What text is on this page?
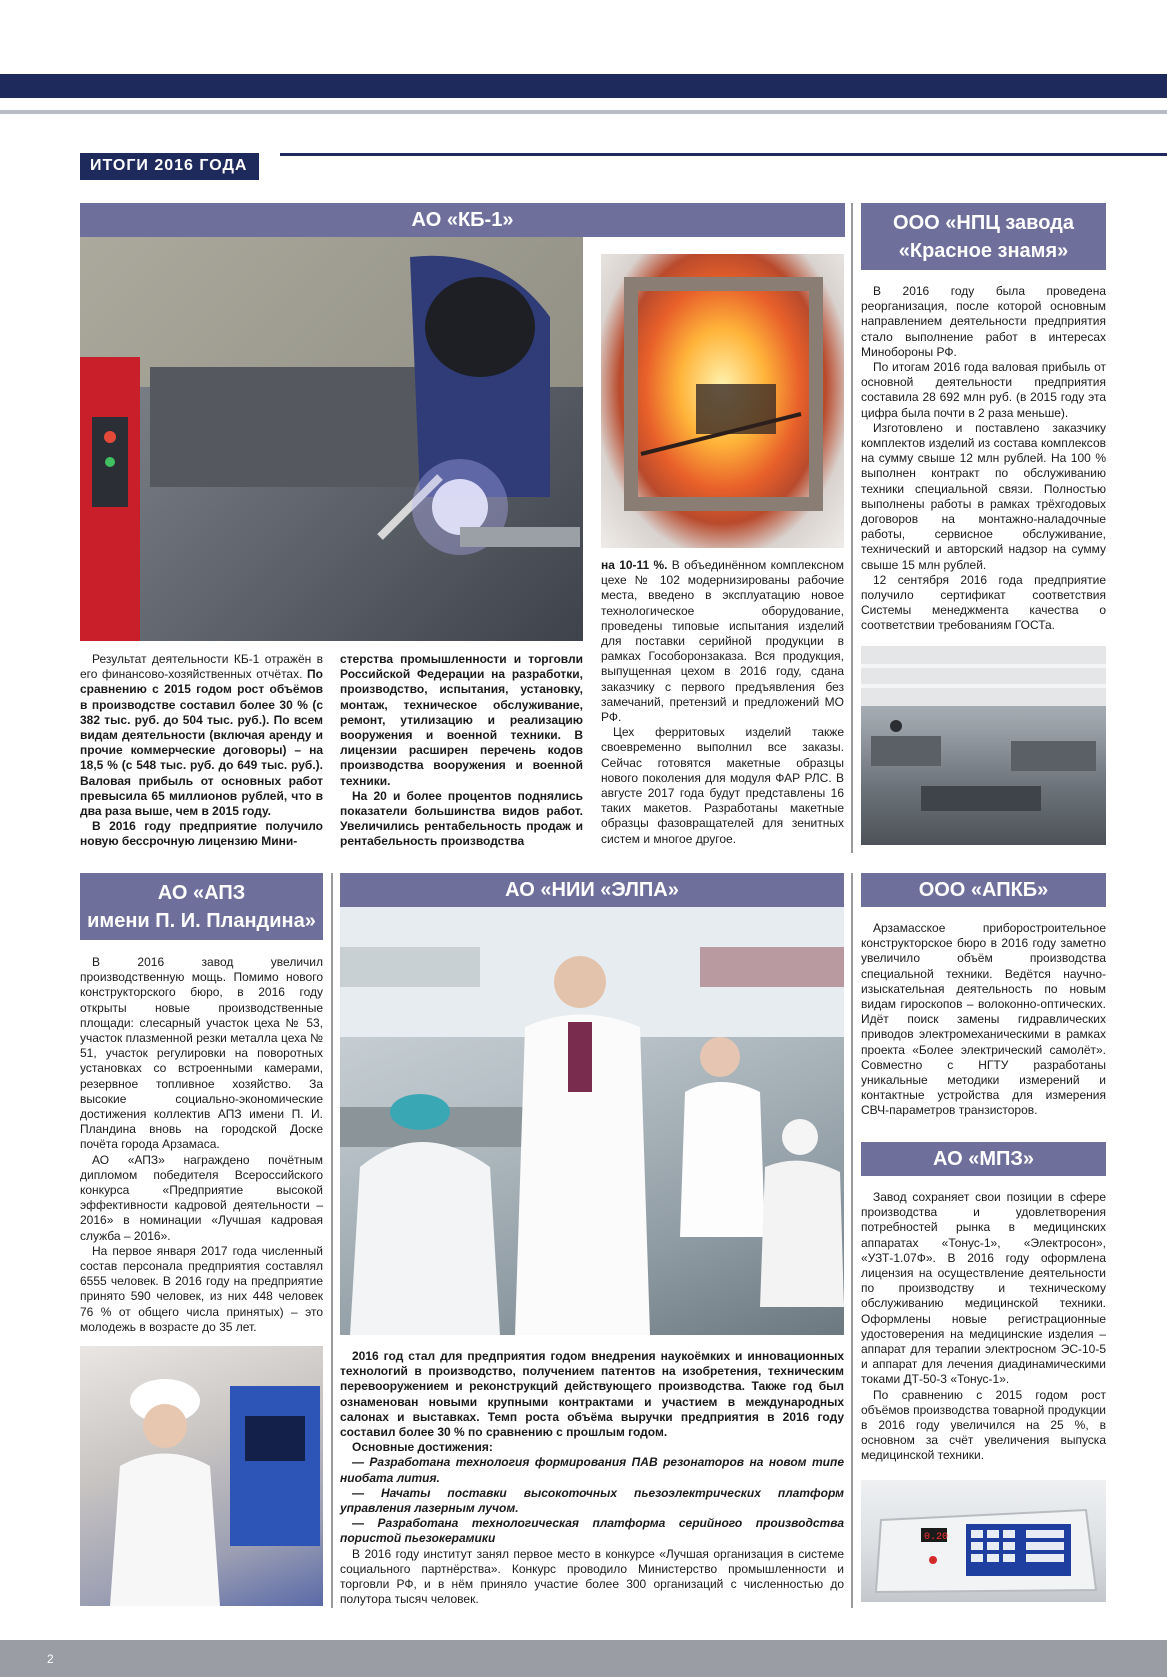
ИТОГИ 2016 ГОДА
АО «КБ-1»

Результат деятельности КБ-1 отражён в его финансово-хозяйственных отчётах. По сравнению с 2015 годом рост объёмов в производстве составил более 30 % (с 382 тыс. руб. до 504 тыс. руб.). По всем видам деятельности (включая аренду и прочие коммерческие договоры) – на 18,5 % (с 548 тыс. руб. до 649 тыс. руб.). Валовая прибыль от основных работ превысила 65 миллионов рублей, что в два раза выше, чем в 2015 году.

В 2016 году предприятие получило новую бессрочную лицензию Мини-

стерства промышленности и торговли Российской Федерации на разработки, производство, испытания, установку, монтаж, техническое обслуживание, ремонт, утилизацию и реализацию вооружения и военной техники. В лицензии расширен перечень кодов производства вооружения и военной техники.

На 20 и более процентов поднялись показатели большинства видов работ. Увеличились рентабельность продаж и рентабельность производства

на 10-11 %. В объединённом комплексном цехе № 102 модернизированы рабочие места, введено в эксплуатацию новое технологическое оборудование, проведены типовые испытания изделий для поставки серийной продукции в рамках Гособоронзаказа. Вся продукция, выпущенная цехом в 2016 году, сдана заказчику с первого предъявления без замечаний, претензий и предложений МО РФ.

Цех ферритовых изделий также своевременно выполнил все заказы. Сейчас готовятся макетные образцы нового поколения для модуля ФАР РЛС. В августе 2017 года будут представлены 16 таких макетов. Разработаны макетные образцы фазовращателей для зенитных систем и многое другое.

ООО «НПЦ завода
«Красное знамя»

В 2016 году была проведена реорганизация, после которой основным направлением деятельности предприятия стало выполнение работ в интересах Минобороны РФ.

По итогам 2016 года валовая прибыль от основной деятельности предприятия составила 28 692 млн руб. (в 2015 году эта цифра была почти в 2 раза меньше).

Изготовлено и поставлено заказчику комплектов изделий из состава комплексов на сумму свыше 12 млн рублей. На 100 % выполнен контракт по обслуживанию техники специальной связи. Полностью выполнены работы в рамках трёхгодовых договоров на монтажно-наладочные работы, сервисное обслуживание, технический и авторский надзор на сумму свыше 15 млн рублей.

12 сентября 2016 года предприятие получило сертификат соответствия Системы менеджмента качества о соответствии требованиям ГОСТа.

АО «АПЗ
имени П. И. Пландина»

В 2016 завод увеличил производственную мощь. Помимо нового конструкторского бюро, в 2016 году открыты новые производственные площади: слесарный участок цеха № 53, участок плазменной резки металла цеха № 51, участок регулировки на поворотных установках со встроенными камерами, резервное топливное хозяйство. За высокие социально-экономические достижения коллектив АПЗ имени П. И. Пландина вновь на городской Доске почёта города Арзамаса.

АО «АПЗ» награждено почётным дипломом победителя Всероссийского конкурса «Предприятие высокой эффективности кадровой деятельности – 2016» в номинации «Лучшая кадровая служба – 2016».

На первое января 2017 года численный состав персонала предприятия составлял 6555 человек. В 2016 году на предприятие принято 590 человек, из них 448 человек 76 % от общего числа принятых) – это молодежь в возрасте до 35 лет.

АО «НИИ «ЭЛПА»

2016 год стал для предприятия годом внедрения наукоёмких и инновационных технологий в производство, получением патентов на изобретения, техническим перевооружением и реконструкций действующего производства. Также год был ознаменован новыми крупными контрактами и участием в международных салонах и выставках. Темп роста объёма выручки предприятия в 2016 году составил более 30 % по сравнению с прошлым годом.

Основные достижения:

— Разработана технология формирования ПАВ резонаторов на новом типе ниобата лития.

— Начаты поставки высокоточных пьезоэлектрических платформ управления лазерным лучом.

— Разработана технологическая платформа серийного производства пористой пьезокерамики

В 2016 году институт занял первое место в конкурсе «Лучшая организация в системе социального партнёрства». Конкурс проводило Министерство промышленности и торговли РФ, и в нём приняло участие более 300 организаций с численностью до полутора тысяч человек.

ООО «АПКБ»

Арзамасское приборостроительное конструкторское бюро в 2016 году заметно увеличило объём производства специальной техники. Ведётся научно-изыскательная деятельность по новым видам гироскопов – волоконно-оптических. Идёт поиск замены гидравлических приводов электромеханическими в рамках проекта «Более электрический самолёт». Совместно с НГТУ разработаны уникальные методики измерений и контактные устройства для измерения СВЧ-параметров транзисторов.

АО «МПЗ»

Завод сохраняет свои позиции в сфере производства и удовлетворения потребностей рынка в медицинских аппаратах «Тонус-1», «Электросон», «УЗТ-1.07Ф». В 2016 году оформлена лицензия на осуществление деятельности по производству и техническому обслуживанию медицинской техники. Оформлены новые регистрационные удостоверения на медицинские изделия – аппарат для терапии электросном ЭС-10-5 и аппарат для лечения диадинамическими токами ДТ-50-3 «Тонус-1».

По сравнению с 2015 годом рост объёмов производства товарной продукции в 2016 году увеличился на 25 %, в основном за счёт увеличения выпуска медицинской техники.

0.20
2
